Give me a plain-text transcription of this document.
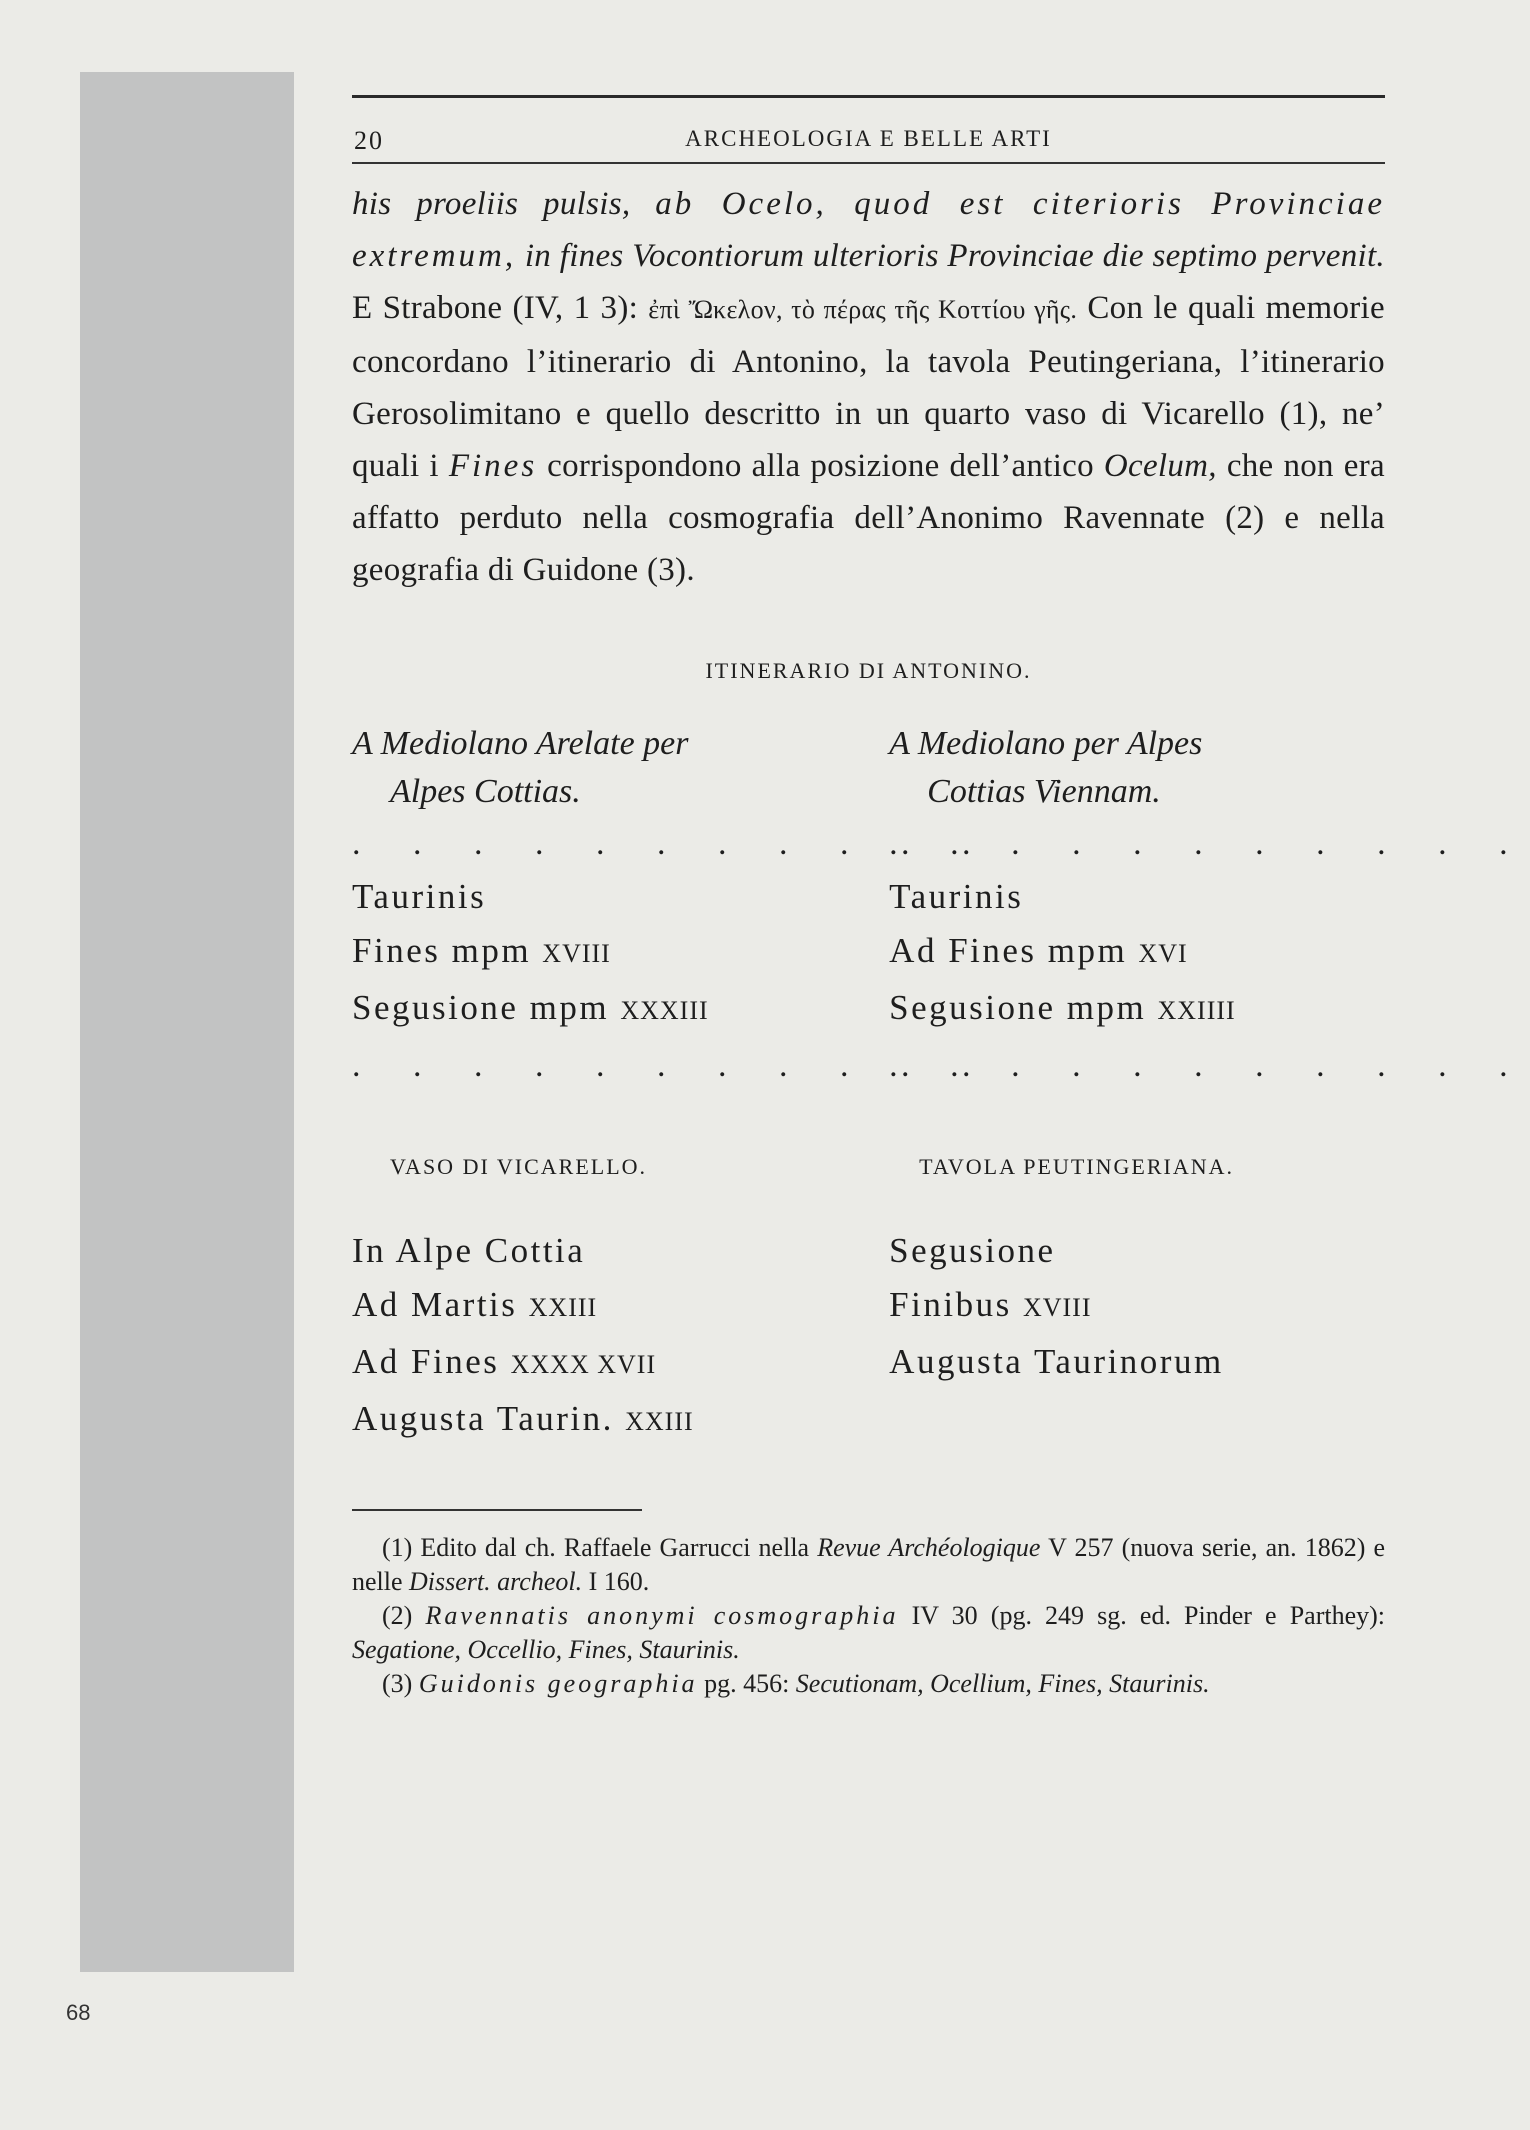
68
20	ARCHEOLOGIA E BELLE ARTI

his proeliis pulsis, ab Ocelo, quod est citerioris Provinciae extremum, in fines Vocontiorum ulterioris Provinciae die septimo pervenit. E Strabone (IV, 1 3): ἐπὶ Ὤκελον, τὸ πέρας τῆς Κοττίου γῆς. Con le quali memorie concordano l’itinerario di Antonino, la tavola Peutingeriana, l’itinerario Gerosolimitano e quello descritto in un quarto vaso di Vicarello (1), ne’ quali i Fines corrispondono alla posizione dell’antico Ocelum, che non era affatto perduto nella cosmografia dell’Anonimo Ravennate (2) e nella geografia di Guidone (3).

ITINERARIO DI ANTONINO.

A Mediolano Arelate per
Alpes Cottias.

. . . . . . . . . . .

Taurinis

Fines mpm XVIII

Segusione mpm XXXIII

. . . . . . . . . . .

A Mediolano per Alpes
Cottias Viennam.

. . . . . . . . . . .

Taurinis

Ad Fines mpm XVI

Segusione mpm XXIIII

. . . . . . . . . . .
VASO DI VICARELLO.

In Alpe Cottia

Ad Martis XXIII

Ad Fines XXXX XVII

Augusta Taurin. XXIII

TAVOLA PEUTINGERIANA.

Segusione

Finibus XVIII

Augusta Taurinorum

(1) Edito dal ch. Raffaele Garrucci nella Revue Archéologique V 257 (nuova serie, an. 1862) e nelle Dissert. archeol. I 160.

(2) Ravennatis anonymi cosmographia IV 30 (pg. 249 sg. ed. Pinder e Parthey): Segatione, Occellio, Fines, Staurinis.

(3) Guidonis geographia pg. 456: Secutionam, Ocellium, Fines, Staurinis.
